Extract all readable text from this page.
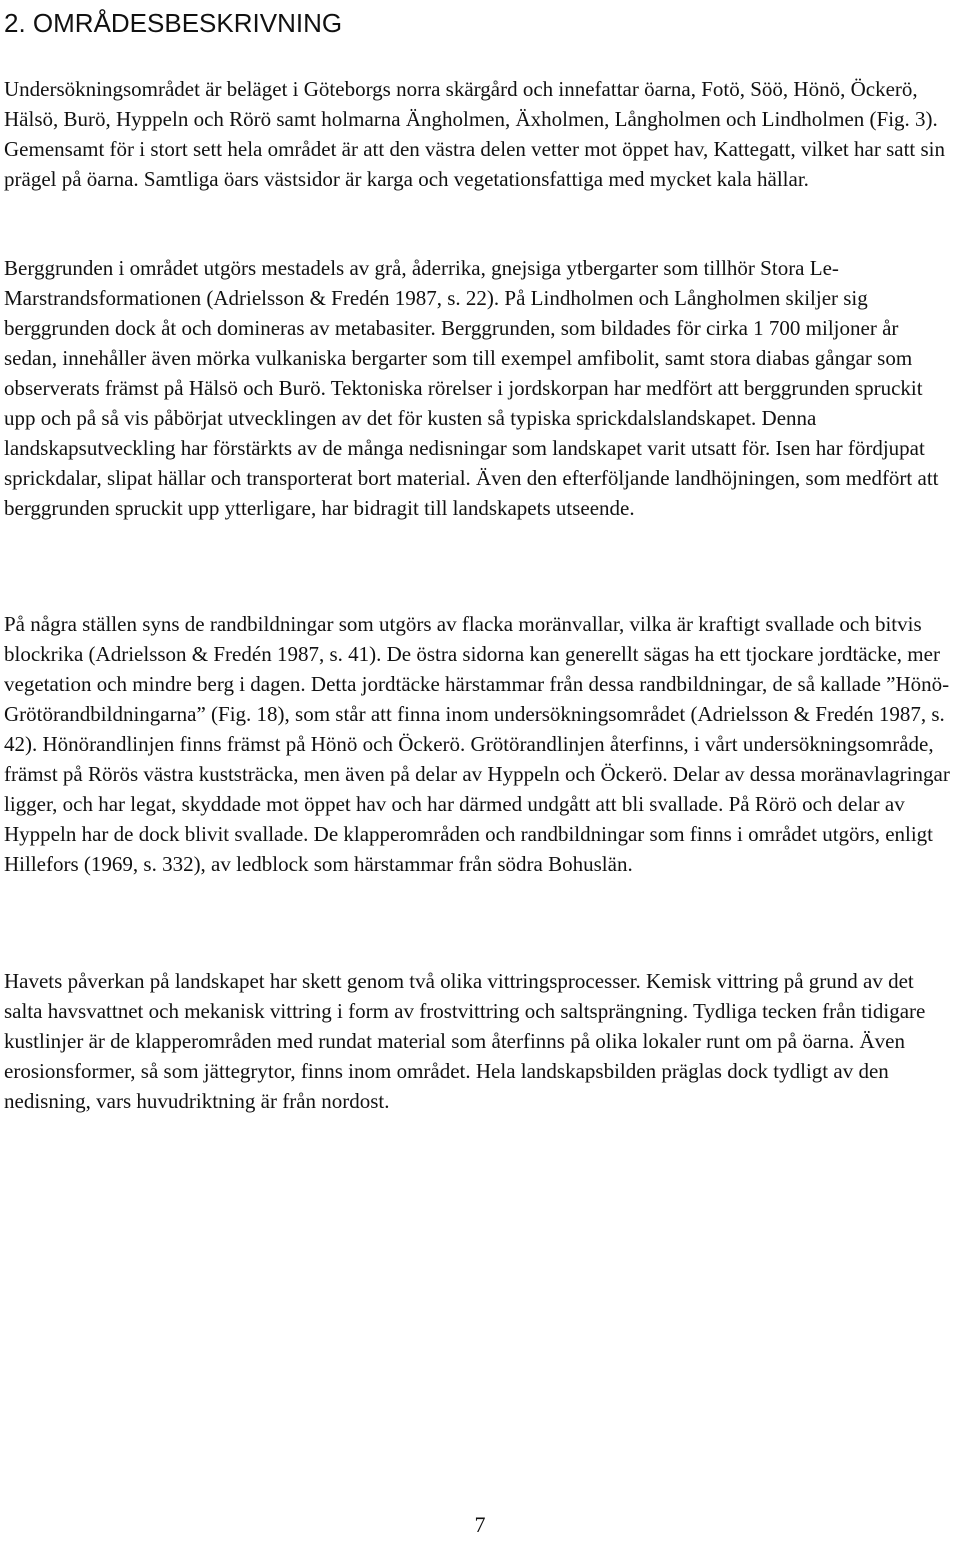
2. OMRÅDESBESKRIVNING

Undersökningsområdet är beläget i Göteborgs norra skärgård och innefattar öarna, Fotö, Söö, Hönö, Öckerö, Hälsö, Burö, Hyppeln och Rörö samt holmarna Ängholmen, Äxholmen, Långholmen och Lindholmen (Fig. 3). Gemensamt för i stort sett hela området är att den västra delen vetter mot öppet hav, Kattegatt, vilket har satt sin prägel på öarna. Samtliga öars västsidor är karga och vegetationsfattiga med mycket kala hällar.

Berggrunden i området utgörs mestadels av grå, åderrika, gnejsiga ytbergarter som tillhör Stora Le-Marstrandsformationen (Adrielsson & Fredén 1987, s. 22). På Lindholmen och Långholmen skiljer sig berggrunden dock åt och domineras av metabasiter. Berggrunden, som bildades för cirka 1 700 miljoner år sedan, innehåller även mörka vulkaniska bergarter som till exempel amfibolit, samt stora diabas gångar som observerats främst på Hälsö och Burö. Tektoniska rörelser i jordskorpan har medfört att berggrunden spruckit upp och på så vis påbörjat utvecklingen av det för kusten så typiska sprickdalslandskapet. Denna landskapsutveckling har förstärkts av de många nedisningar som landskapet varit utsatt för. Isen har fördjupat sprickdalar, slipat hällar och transporterat bort material. Även den efterföljande landhöjningen, som medfört att berggrunden spruckit upp ytterligare, har bidragit till landskapets utseende.

På några ställen syns de randbildningar som utgörs av flacka moränvallar, vilka är kraftigt svallade och bitvis blockrika (Adrielsson & Fredén 1987, s. 41). De östra sidorna kan generellt sägas ha ett tjockare jordtäcke, mer vegetation och mindre berg i dagen. Detta jordtäcke härstammar från dessa randbildningar, de så kallade ”Hönö-Grötörandbildningarna” (Fig. 18), som står att finna inom undersökningsområdet (Adrielsson & Fredén 1987, s. 42). Hönörandlinjen finns främst på Hönö och Öckerö. Grötörandlinjen återfinns, i vårt undersökningsområde, främst på Rörös västra kuststräcka, men även på delar av Hyppeln och Öckerö. Delar av dessa moränavlagringar ligger, och har legat, skyddade mot öppet hav och har därmed undgått att bli svallade. På Rörö och delar av Hyppeln har de dock blivit svallade. De klapperområden och randbildningar som finns i området utgörs, enligt Hillefors (1969, s. 332), av ledblock som härstammar från södra Bohuslän.

Havets påverkan på landskapet har skett genom två olika vittringsprocesser. Kemisk vittring på grund av det salta havsvattnet och mekanisk vittring i form av frostvittring och saltsprängning. Tydliga tecken från tidigare kustlinjer är de klapperområden med rundat material som återfinns på olika lokaler runt om på öarna. Även erosionsformer, så som jättegrytor, finns inom området. Hela landskapsbilden präglas dock tydligt av den nedisning, vars huvudriktning är från nordost.

7
